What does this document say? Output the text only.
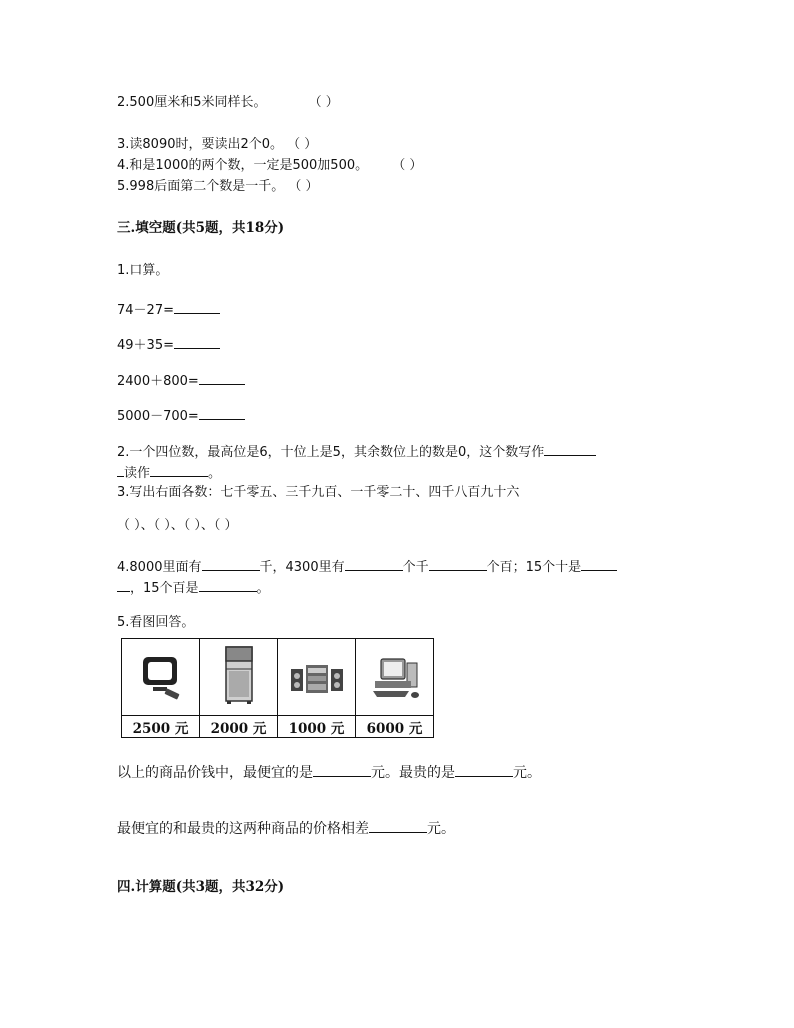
2.500厘米和5米同样长。	（ ）
3.读8090时，要读出2个0。 （ ）
4.和是1000的两个数，一定是500加500。 （ ）
5.998后面第二个数是一千。 （ ）
三.填空题(共5题，共18分)
1.口算。
74－27=
49＋35=
2400＋800=
5000－700=
2.一个四位数，最高位是6，十位上是5，其余数位上的数是0，这个数写作
读作	。
3.写出右面各数：七千零五、三千九百、一千零二十、四千八百九十六
（ ）、（ ）、（ ）、（ ）
4.8000里面有	千，4300里有	个千	个百；15个十是
，15个百是	。
5.看图回答。

2500 元	2000 元	1000 元	6000 元
以上的商品价钱中，最便宜的是	元。最贵的是	元。
最便宜的和最贵的这两种商品的价格相差	元。
四.计算题(共3题，共32分)
